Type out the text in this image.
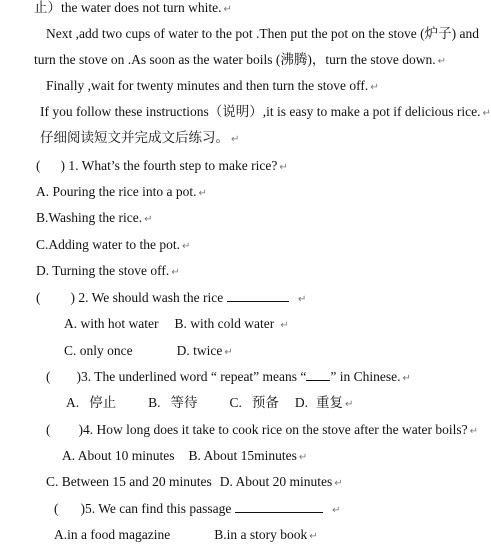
止）the water does not turn white. ↵
Next ,add two cups of water to the pot .Then put the pot on the stove (炉子) and
turn the stove on .As soon as the water boils (沸腾)，turn the stove down. ↵
Finally ,wait for twenty minutes and then turn the stove off. ↵
If you follow these instructions（说明）,it is easy to make a pot if delicious rice. ↵
仔细阅读短文并完成文后练习。 ↵
( ) 1. What’s the fourth step to make rice? ↵
A. Pouring the rice into a pot. ↵
B.Washing the rice. ↵
C.Adding water to the pot. ↵
D. Turning the stove off. ↵
( ) 2. We should wash the rice	↵
A. with hot water B. with cold water ↵
C. only once	D. twice ↵
( )3. The underlined word “ repeat” means “ ” in Chinese. ↵
A. 停止 B. 等待 C. 预备 D. 重复 ↵
( )4. How long does it take to cook rice on the stove after the water boils? ↵
A. About 10 minutes B. About 15minutes ↵
C. Between 15 and 20 minutes D. About 20 minutes ↵
( )5. We can find this passage	↵
A.in a food magazine	B.in a story book ↵
